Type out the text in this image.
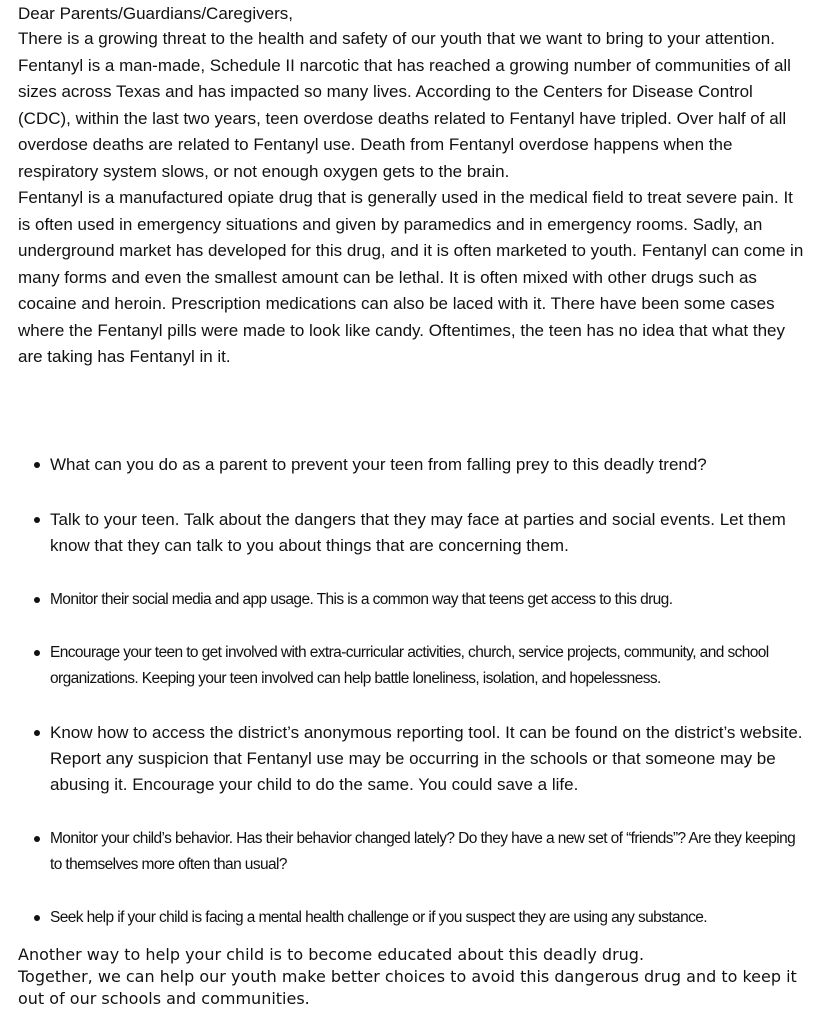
Dear Parents/Guardians/Caregivers,

There is a growing threat to the health and safety of our youth that we want to bring to your attention. Fentanyl is a man-made, Schedule II narcotic that has reached a growing number of communities of all sizes across Texas and has impacted so many lives. According to the Centers for Disease Control (CDC), within the last two years, teen overdose deaths related to Fentanyl have tripled. Over half of all overdose deaths are related to Fentanyl use. Death from Fentanyl overdose happens when the respiratory system slows, or not enough oxygen gets to the brain.

Fentanyl is a manufactured opiate drug that is generally used in the medical field to treat severe pain. It is often used in emergency situations and given by paramedics and in emergency rooms. Sadly, an underground market has developed for this drug, and it is often marketed to youth. Fentanyl can come in many forms and even the smallest amount can be lethal. It is often mixed with other drugs such as cocaine and heroin. Prescription medications can also be laced with it. There have been some cases where the Fentanyl pills were made to look like candy. Oftentimes, the teen has no idea that what they are taking has Fentanyl in it.

What can you do as a parent to prevent your teen from falling prey to this deadly trend?
Talk to your teen. Talk about the dangers that they may face at parties and social events. Let them know that they can talk to you about things that are concerning them.
Monitor their social media and app usage. This is a common way that teens get access to this drug.
Encourage your teen to get involved with extra-curricular activities, church, service projects, community, and school organizations. Keeping your teen involved can help battle loneliness, isolation, and hopelessness.
Know how to access the district’s anonymous reporting tool. It can be found on the district’s website. Report any suspicion that Fentanyl use may be occurring in the schools or that someone may be abusing it. Encourage your child to do the same. You could save a life.
Monitor your child’s behavior. Has their behavior changed lately? Do they have a new set of “friends”? Are they keeping to themselves more often than usual?
Seek help if your child is facing a mental health challenge or if you suspect they are using any substance.

Another way to help your child is to become educated about this deadly drug.

Together, we can help our youth make better choices to avoid this dangerous drug and to keep it out of our schools and communities.
